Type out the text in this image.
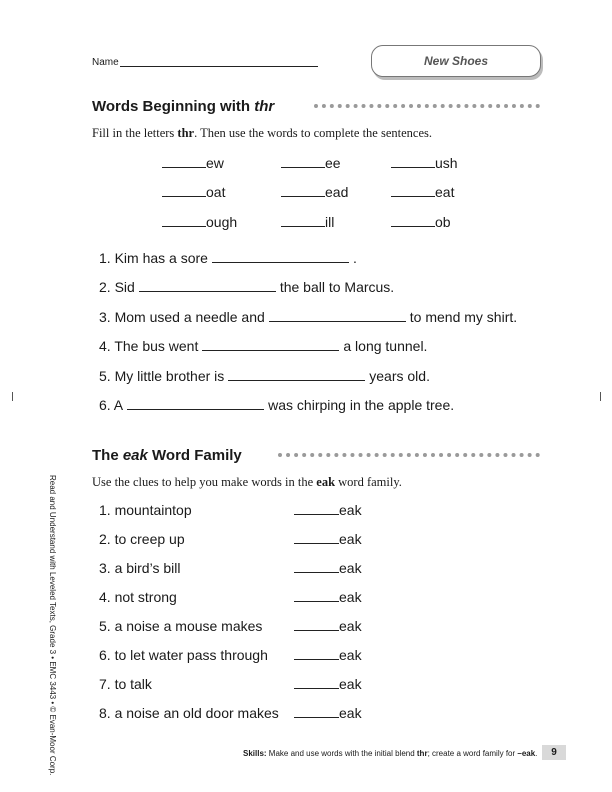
Name	New Shoes
Words Beginning with thr
Fill in the letters thr. Then use the words to complete the sentences.
ew	ee	ush
oat	ead	eat
ough	ill	ob
1. Kim has a sore	.
2. Sid	the ball to Marcus.
3. Mom used a needle and	to mend my shirt.
4. The bus went	a long tunnel.
5. My little brother is	years old.
6. A	was chirping in the apple tree.
The eak Word Family
Use the clues to help you make words in the eak word family.
1. mountaintop	eak
2. to creep up	eak
3. a bird’s bill	eak
4. not strong	eak
5. a noise a mouse makes	eak
6. to let water pass through	eak
7. to talk	eak
8. a noise an old door makes	eak
Read and Understand with Leveled Texts, Grade 3 • EMC 3443 • © Evan-Moor Corp.	Skills: Make and use words with the initial blend thr; create a word family for –eak.	9
